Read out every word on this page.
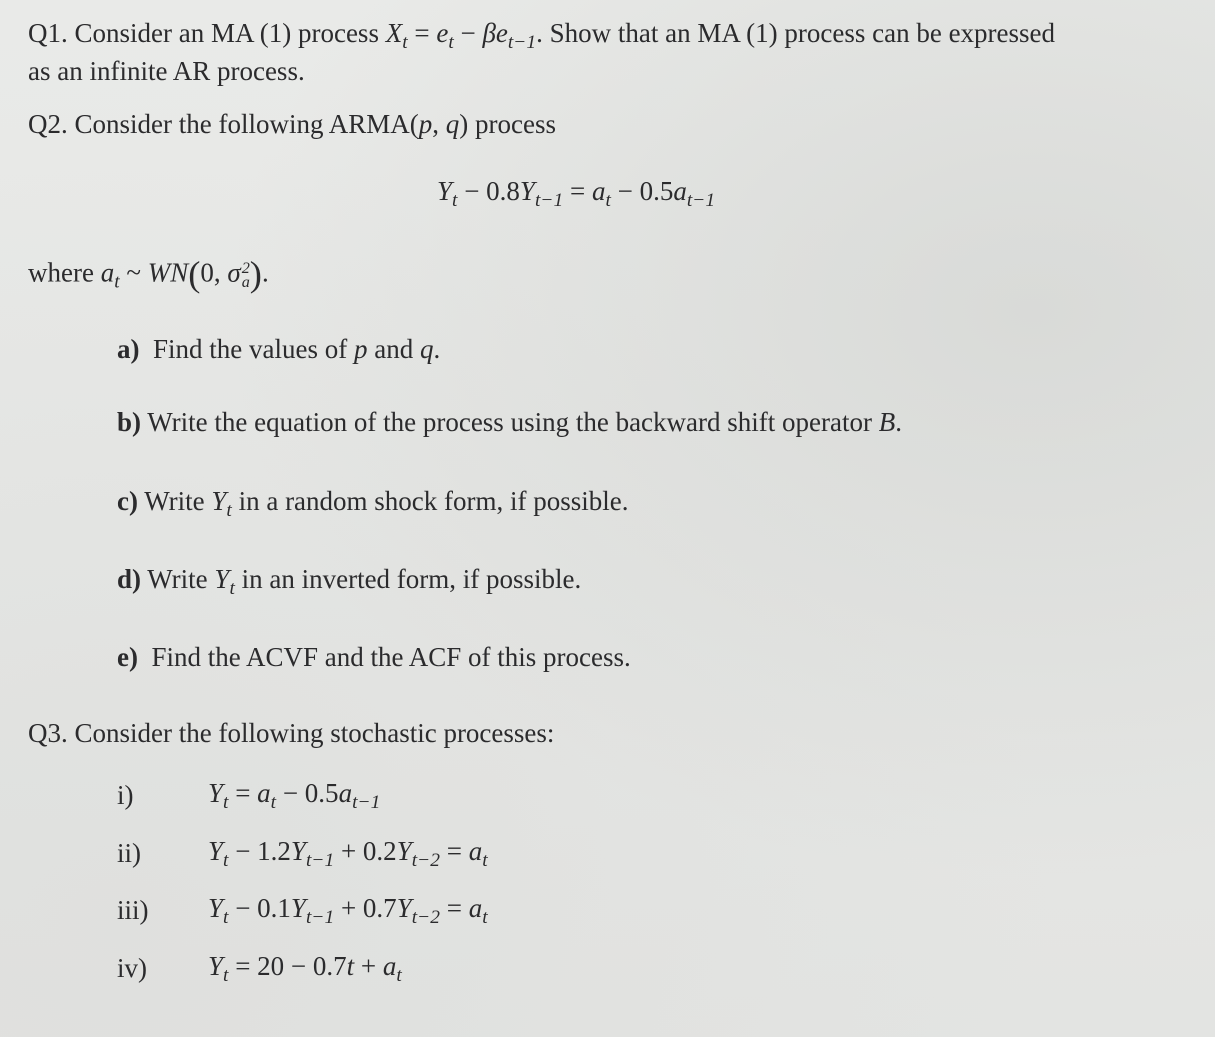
Q1. Consider an MA (1) process $X_t = e_t - \beta e_{t-1}$. Show that an MA (1) process can be expressed
as an infinite AR process.
Q2. Consider the following ARMA(p, q) process
$Y_t - 0.8Y_{t-1} = a_t - 0.5a_{t-1}$
where $a_t$ ~ WN(0, σ 2
a ).
a) Find the values of p and q.
b) Write the equation of the process using the backward shift operator B.
c) Write $Y_t$ in a random shock form, if possible.
d) Write $Y_t$ in an inverted form, if possible.
e) Find the ACVF and the ACF of this process.
Q3. Consider the following stochastic processes:
i)
ii)
iii)
iv)
$Y_t = a_t - 0.5a_{t-1}$
$Y_t - 1.2Y_{t-1} + 0.2Y_{t-2} = a_t$
$Y_t - 0.1Y_{t-1} + 0.7Y_{t-2} = a_t$
$Y_t = 20 - 0.7t + a_t$
